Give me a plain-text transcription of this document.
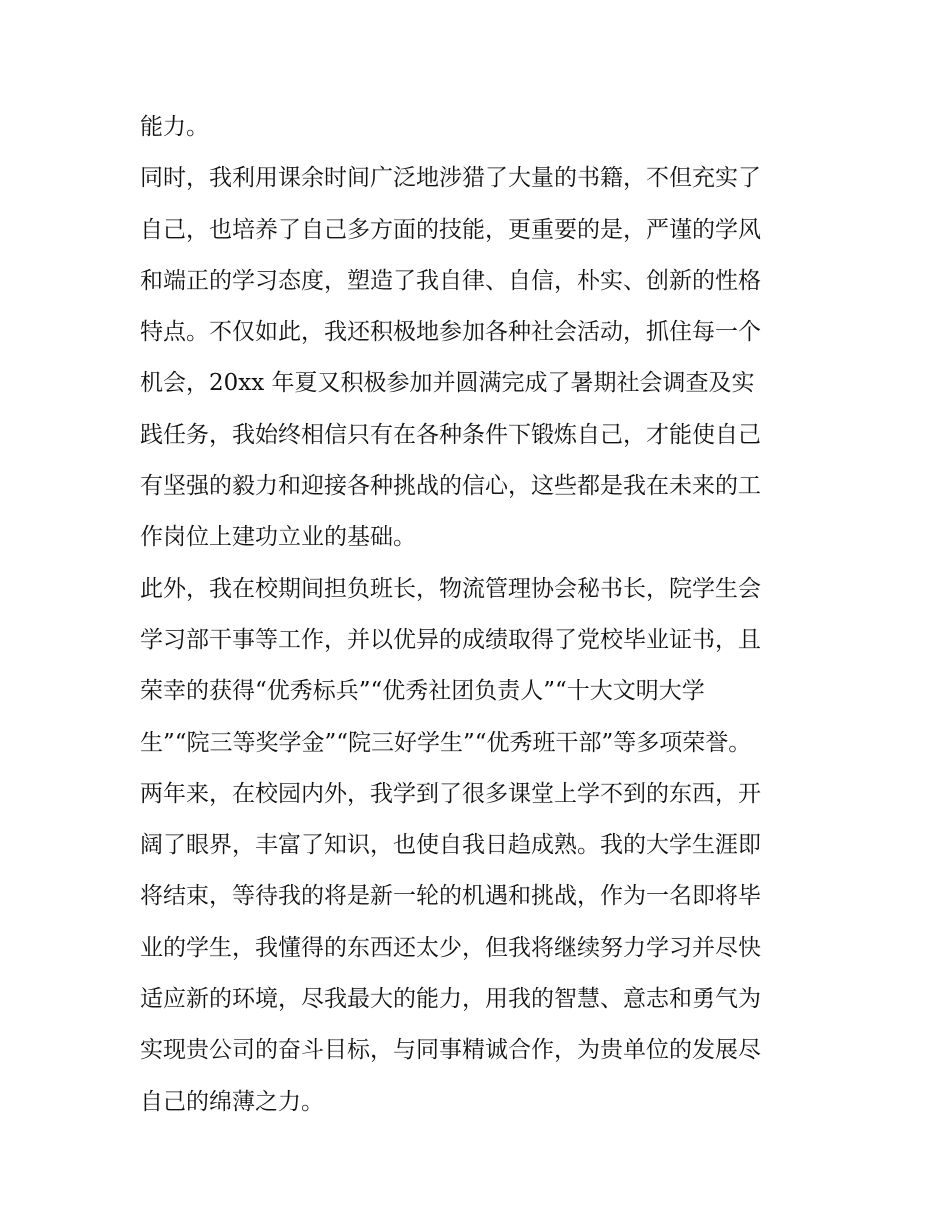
能力。
同时，我利用课余时间广泛地涉猎了大量的书籍，不但充实了
自己，也培养了自己多方面的技能，更重要的是，严谨的学风
和端正的学习态度，塑造了我自律、自信，朴实、创新的性格
特点。不仅如此，我还积极地参加各种社会活动，抓住每一个
机会，20xx 年夏又积极参加并圆满完成了暑期社会调查及实
践任务，我始终相信只有在各种条件下锻炼自己，才能使自己
有坚强的毅力和迎接各种挑战的信心，这些都是我在未来的工
作岗位上建功立业的基础。
此外，我在校期间担负班长，物流管理协会秘书长，院学生会
学习部干事等工作，并以优异的成绩取得了党校毕业证书，且
荣幸的获得“优秀标兵”“优秀社团负责人”“十大文明大学
生”“院三等奖学金”“院三好学生”“优秀班干部”等多项荣誉。
两年来，在校园内外，我学到了很多课堂上学不到的东西，开
阔了眼界，丰富了知识，也使自我日趋成熟。我的大学生涯即
将结束，等待我的将是新一轮的机遇和挑战，作为一名即将毕
业的学生，我懂得的东西还太少，但我将继续努力学习并尽快
适应新的环境，尽我最大的能力，用我的智慧、意志和勇气为
实现贵公司的奋斗目标，与同事精诚合作，为贵单位的发展尽
自己的绵薄之力。
